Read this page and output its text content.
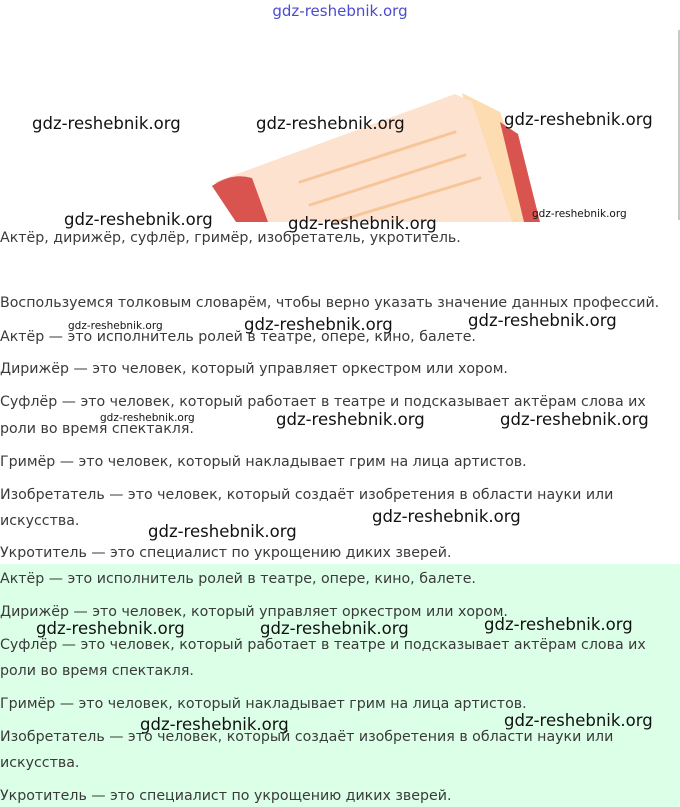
gdz-reshebnik.org

Актёр, дирижёр, суфлёр, гримёр, изобретатель, укротитель.

Воспользуемся толковым словарём, чтобы верно указать значение данных профессий.

Актёр — это исполнитель ролей в театре, опере, кино, балете.

Дирижёр — это человек, который управляет оркестром или хором.

Суфлёр — это человек, который работает в театре и подсказывает актёрам слова их

роли во время спектакля.

Гримёр — это человек, который накладывает грим на лица артистов.

Изобретатель — это человек, который создаёт изобретения в области науки или

искусства.

Укротитель — это специалист по укрощению диких зверей.

Актёр — это исполнитель ролей в театре, опере, кино, балете.

Дирижёр — это человек, который управляет оркестром или хором.

Суфлёр — это человек, который работает в театре и подсказывает актёрам слова их

роли во время спектакля.

Гримёр — это человек, который накладывает грим на лица артистов.

Изобретатель — это человек, который создаёт изобретения в области науки или

искусства.

Укротитель — это специалист по укрощению диких зверей.

gdz-reshebnik.org	gdz-reshebnik.org	gdz-reshebnik.org
gdz-reshebnik.org	gdz-reshebnik.org	gdz-reshebnik.org
gdz-reshebnik.org	gdz-reshebnik.org	gdz-reshebnik.org
gdz-reshebnik.org	gdz-reshebnik.org	gdz-reshebnik.org
gdz-reshebnik.org
gdz-reshebnik.org
gdz-reshebnik.org	gdz-reshebnik.org	gdz-reshebnik.org
gdz-reshebnik.org	gdz-reshebnik.org
